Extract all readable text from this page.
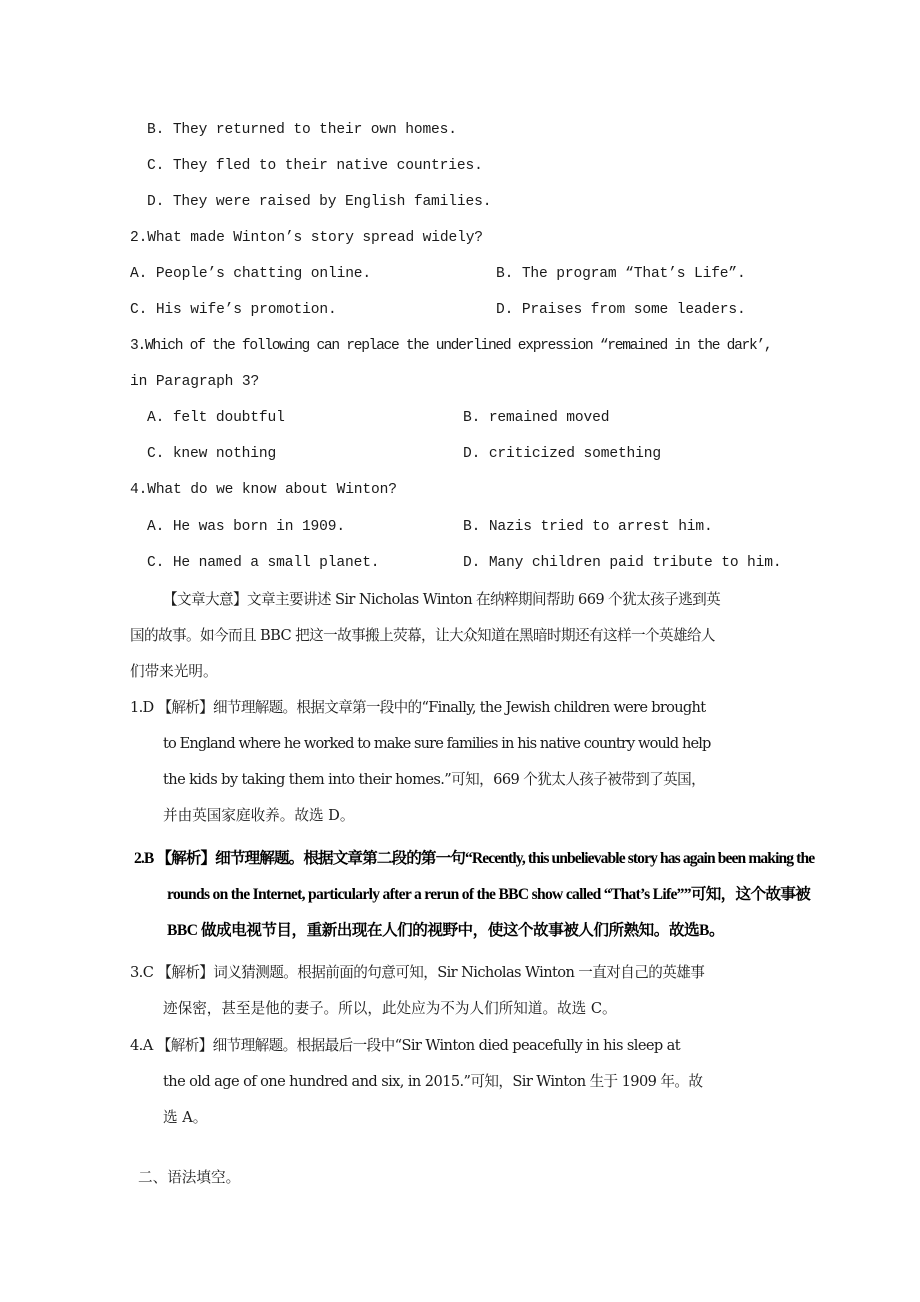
B. They returned to their own homes.
C. They fled to their native countries.
D. They were raised by English families.
2.What made Winton’s story spread widely?
A. People’s chatting online.	B. The program “That’s Life”.
C. His wife’s promotion.	D. Praises from some leaders.
3.Which of the following can replace the underlined expression “remained in the dark’,
in Paragraph 3?
A. felt doubtful	B. remained moved
C. knew nothing	D. criticized something
4.What do we know about Winton?
A. He was born in 1909.	B. Nazis tried to arrest him.
C. He named a small planet.	D. Many children paid tribute to him.
【文章大意】文章主要讲述 Sir Nicholas Winton 在纳粹期间帮助 669 个犹太孩子逃到英
国的故事。如今而且 BBC 把这一故事搬上荧幕，让大众知道在黑暗时期还有这样一个英雄给人
们带来光明。
1.D 【解析】细节理解题。根据文章第一段中的“Finally, the Jewish children were brought
to England where he worked to make sure families in his native country would help
the kids by taking them into their homes.”可知，669 个犹太人孩子被带到了英国，
并由英国家庭收养。故选 D。
2.B 【解析】细节理解题。根据文章第二段的第一句“Recently, this unbelievable story has again been making the
rounds on the Internet, particularly after a rerun of the BBC show called “That’s Life””可知，这个故事被
BBC 做成电视节目，重新出现在人们的视野中，使这个故事被人们所熟知。故选B。
3.C 【解析】词义猜测题。根据前面的句意可知，Sir Nicholas Winton 一直对自己的英雄事
迹保密，甚至是他的妻子。所以，此处应为不为人们所知道。故选 C。
4.A 【解析】细节理解题。根据最后一段中“Sir Winton died peacefully in his sleep at
the old age of one hundred and six, in 2015.”可知，Sir Winton 生于 1909 年。故
选 A。
二、语法填空。
